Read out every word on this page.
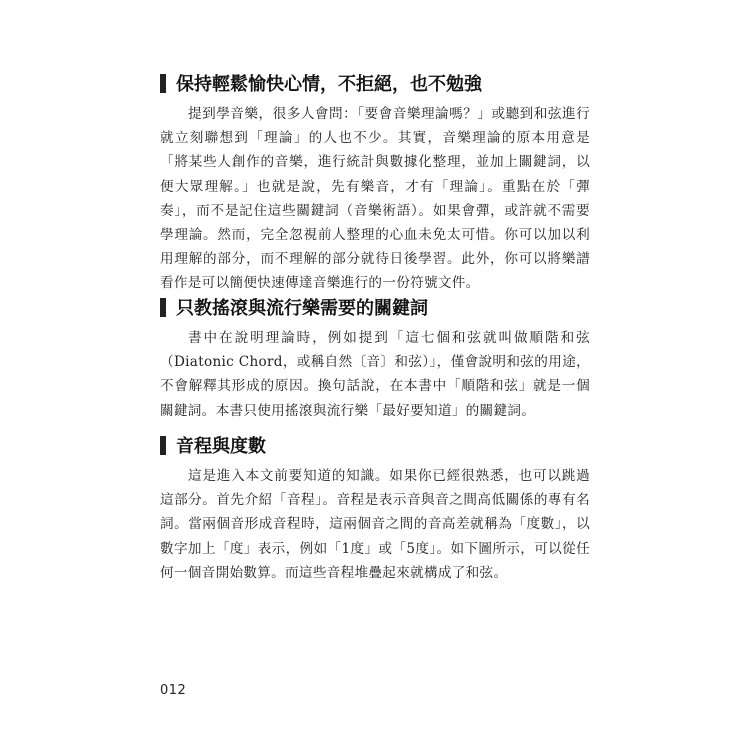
保持輕鬆愉快心情，不拒絕，也不勉強

提到學音樂，很多人會問：「要會音樂理論嗎？」或聽到和弦進行就立刻聯想到「理論」的人也不少。其實，音樂理論的原本用意是「將某些人創作的音樂，進行統計與數據化整理，並加上關鍵詞，以便大眾理解。」也就是說，先有樂音，才有「理論」。重點在於「彈奏」，而不是記住這些關鍵詞（音樂術語）。如果會彈，或許就不需要學理論。然而，完全忽視前人整理的心血未免太可惜。你可以加以利用理解的部分，而不理解的部分就待日後學習。此外，你可以將樂譜看作是可以簡便快速傳達音樂進行的一份符號文件。

只教搖滾與流行樂需要的關鍵詞

書中在說明理論時，例如提到「這七個和弦就叫做順階和弦（Diatonic Chord，或稱自然〔音〕和弦）」，僅會說明和弦的用途，不會解釋其形成的原因。換句話說，在本書中「順階和弦」就是一個關鍵詞。本書只使用搖滾與流行樂「最好要知道」的關鍵詞。

音程與度數

這是進入本文前要知道的知識。如果你已經很熟悉，也可以跳過這部分。首先介紹「音程」。音程是表示音與音之間高低關係的專有名詞。當兩個音形成音程時，這兩個音之間的音高差就稱為「度數」，以數字加上「度」表示，例如「1度」或「5度」。如下圖所示，可以從任何一個音開始數算。而這些音程堆疊起來就構成了和弦。

012
